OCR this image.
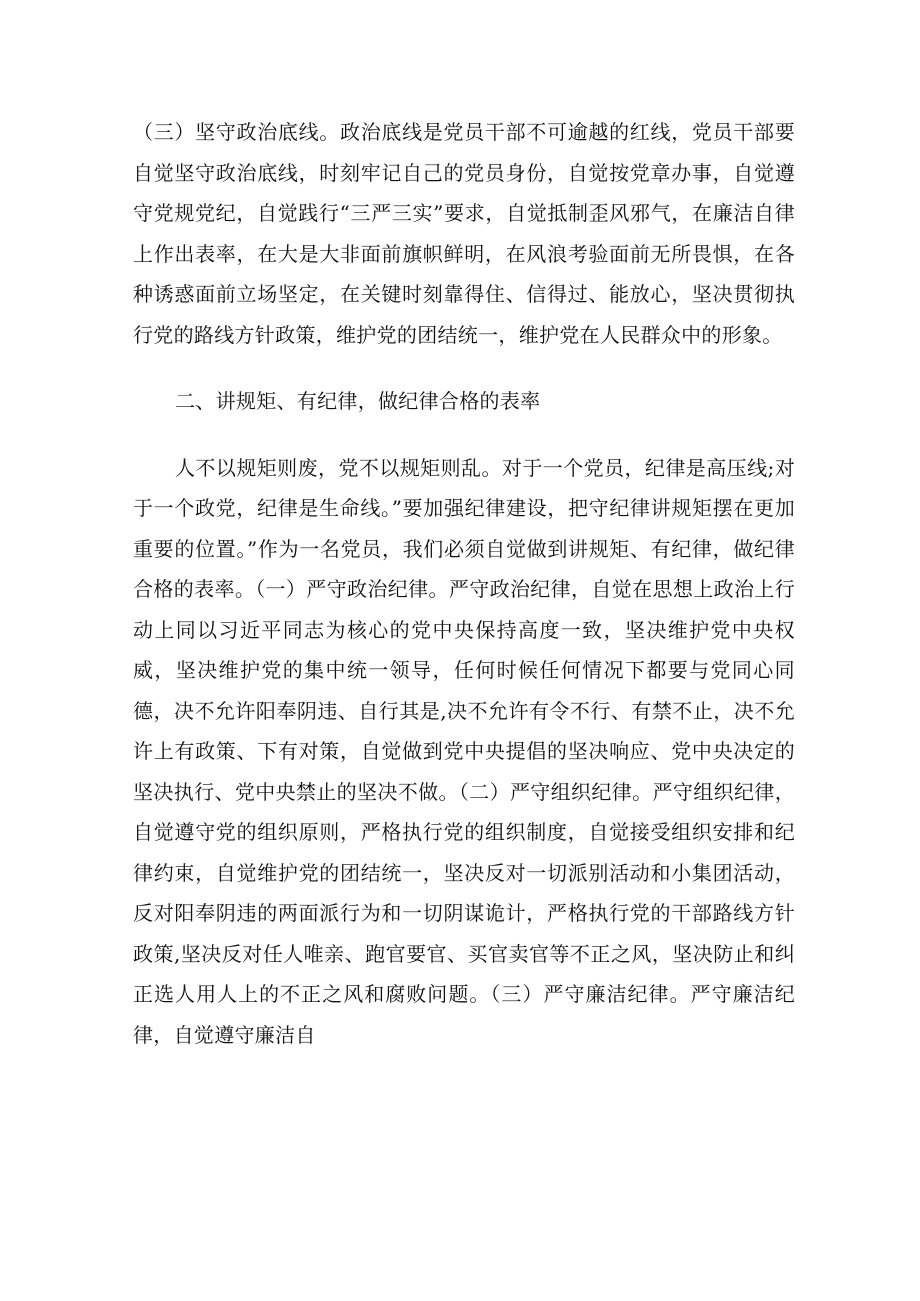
（三）坚守政治底线。政治底线是党员干部不可逾越的红线，党员干部要自觉坚守政治底线，时刻牢记自己的党员身份，自觉按党章办事，自觉遵守党规党纪，自觉践行“三严三实”要求，自觉抵制歪风邪气，在廉洁自律上作出表率，在大是大非面前旗帜鲜明，在风浪考验面前无所畏惧，在各种诱惑面前立场坚定，在关键时刻靠得住、信得过、能放心，坚决贯彻执行党的路线方针政策，维护党的团结统一，维护党在人民群众中的形象。

二、讲规矩、有纪律，做纪律合格的表率

人不以规矩则废，党不以规矩则乱。对于一个党员，纪律是高压线;对于一个政党，纪律是生命线。”要加强纪律建设，把守纪律讲规矩摆在更加重要的位置。”作为一名党员，我们必须自觉做到讲规矩、有纪律，做纪律合格的表率。（一）严守政治纪律。严守政治纪律，自觉在思想上政治上行动上同以习近平同志为核心的党中央保持高度一致，坚决维护党中央权威，坚决维护党的集中统一领导，任何时候任何情况下都要与党同心同德，决不允许阳奉阴违、自行其是,决不允许有令不行、有禁不止，决不允许上有政策、下有对策，自觉做到党中央提倡的坚决响应、党中央决定的坚决执行、党中央禁止的坚决不做。（二）严守组织纪律。严守组织纪律，自觉遵守党的组织原则，严格执行党的组织制度，自觉接受组织安排和纪律约束，自觉维护党的团结统一，坚决反对一切派别活动和小集团活动，反对阳奉阴违的两面派行为和一切阴谋诡计，严格执行党的干部路线方针政策,坚决反对任人唯亲、跑官要官、买官卖官等不正之风，坚决防止和纠正选人用人上的不正之风和腐败问题。（三）严守廉洁纪律。严守廉洁纪律，自觉遵守廉洁自
